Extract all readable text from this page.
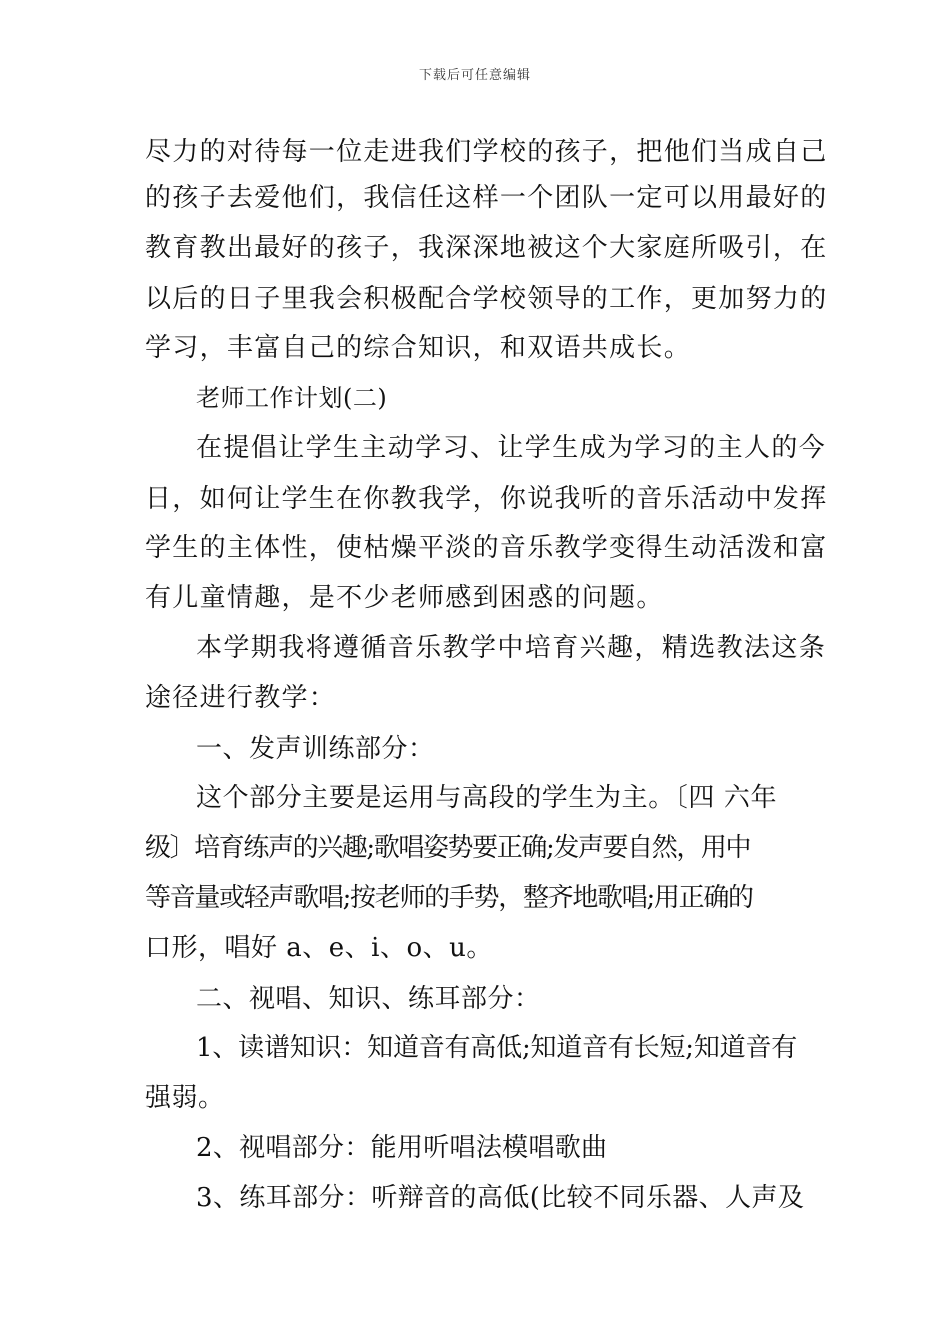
下载后可任意编辑
尽力的对待每一位走进我们学校的孩子，把他们当成自己
的孩子去爱他们，我信任这样一个团队一定可以用最好的
教育教出最好的孩子，我深深地被这个大家庭所吸引，在
以后的日子里我会积极配合学校领导的工作，更加努力的
学习，丰富自己的综合知识，和双语共成长。
老师工作计划(二)
在提倡让学生主动学习、让学生成为学习的主人的今
日，如何让学生在你教我学，你说我听的音乐活动中发挥
学生的主体性，使枯燥平淡的音乐教学变得生动活泼和富
有儿童情趣，是不少老师感到困惑的问题。
本学期我将遵循音乐教学中培育兴趣，精选教法这条
途径进行教学：
一、发声训练部分：
这个部分主要是运用与高段的学生为主。〔四 六年
级〕培育练声的兴趣;歌唱姿势要正确;发声要自然，用中
等音量或轻声歌唱;按老师的手势，整齐地歌唱;用正确的
口形，唱好 a、e、i、o、u。
二、视唱、知识、练耳部分：
1、读谱知识：知道音有高低;知道音有长短;知道音有
强弱。
2、视唱部分：能用听唱法模唱歌曲
3、练耳部分：听辩音的高低(比较不同乐器、人声及
